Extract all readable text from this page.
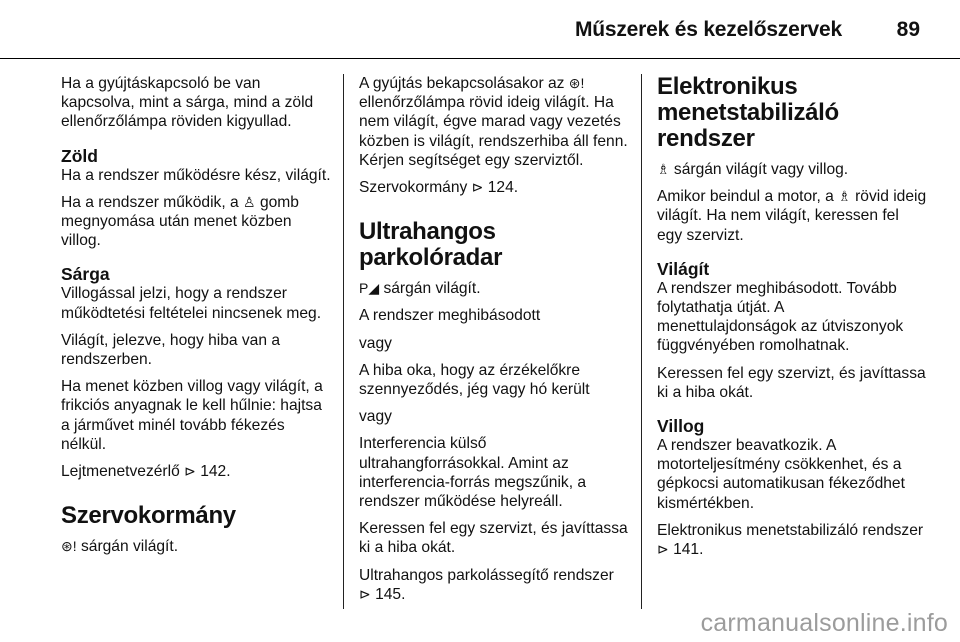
Műszerek és kezelőszervek	89

Ha a gyújtáskapcsoló be van kapcsolva, mint a sárga, mind a zöld ellenőrzőlámpa röviden kigyullad.

Zöld

Ha a rendszer működésre kész, világít.

Ha a rendszer működik, a ♙ gomb megnyomása után menet közben villog.

Sárga

Villogással jelzi, hogy a rendszer működtetési feltételei nincsenek meg.

Világít, jelezve, hogy hiba van a rendszerben.

Ha menet közben villog vagy világít, a frikciós anyagnak le kell hűlnie: hajtsa a járművet minél tovább fékezés nélkül.

Lejtmenetvezérlő ⊳ 142.

Szervokormány

⊛! sárgán világít.

A gyújtás bekapcsolásakor az ⊛! ellenőrzőlámpa rövid ideig világít. Ha nem világít, égve marad vagy vezetés közben is világít, rendszerhiba áll fenn. Kérjen segítséget egy szerviztől.

Szervokormány ⊳ 124.

Ultrahangos parkolóradar

P◢ sárgán világít.

A rendszer meghibásodott

vagy

A hiba oka, hogy az érzékelőkre szennyeződés, jég vagy hó került

vagy

Interferencia külső ultrahangforrásokkal. Amint az interferencia-forrás megszűnik, a rendszer működése helyreáll.

Keressen fel egy szervizt, és javíttassa ki a hiba okát.

Ultrahangos parkolássegítő rendszer ⊳ 145.

Elektronikus menetstabilizáló rendszer

♗ sárgán világít vagy villog.

Amikor beindul a motor, a ♗ rövid ideig világít. Ha nem világít, keressen fel egy szervizt.

Világít

A rendszer meghibásodott. Tovább folytathatja útját. A menettulajdonságok az útviszonyok függvényében romolhatnak.

Keressen fel egy szervizt, és javíttassa ki a hiba okát.

Villog

A rendszer beavatkozik. A motorteljesítmény csökkenhet, és a gépkocsi automatikusan fékeződhet kismértékben.

Elektronikus menetstabilizáló rendszer ⊳ 141.

carmanualsonline.info
